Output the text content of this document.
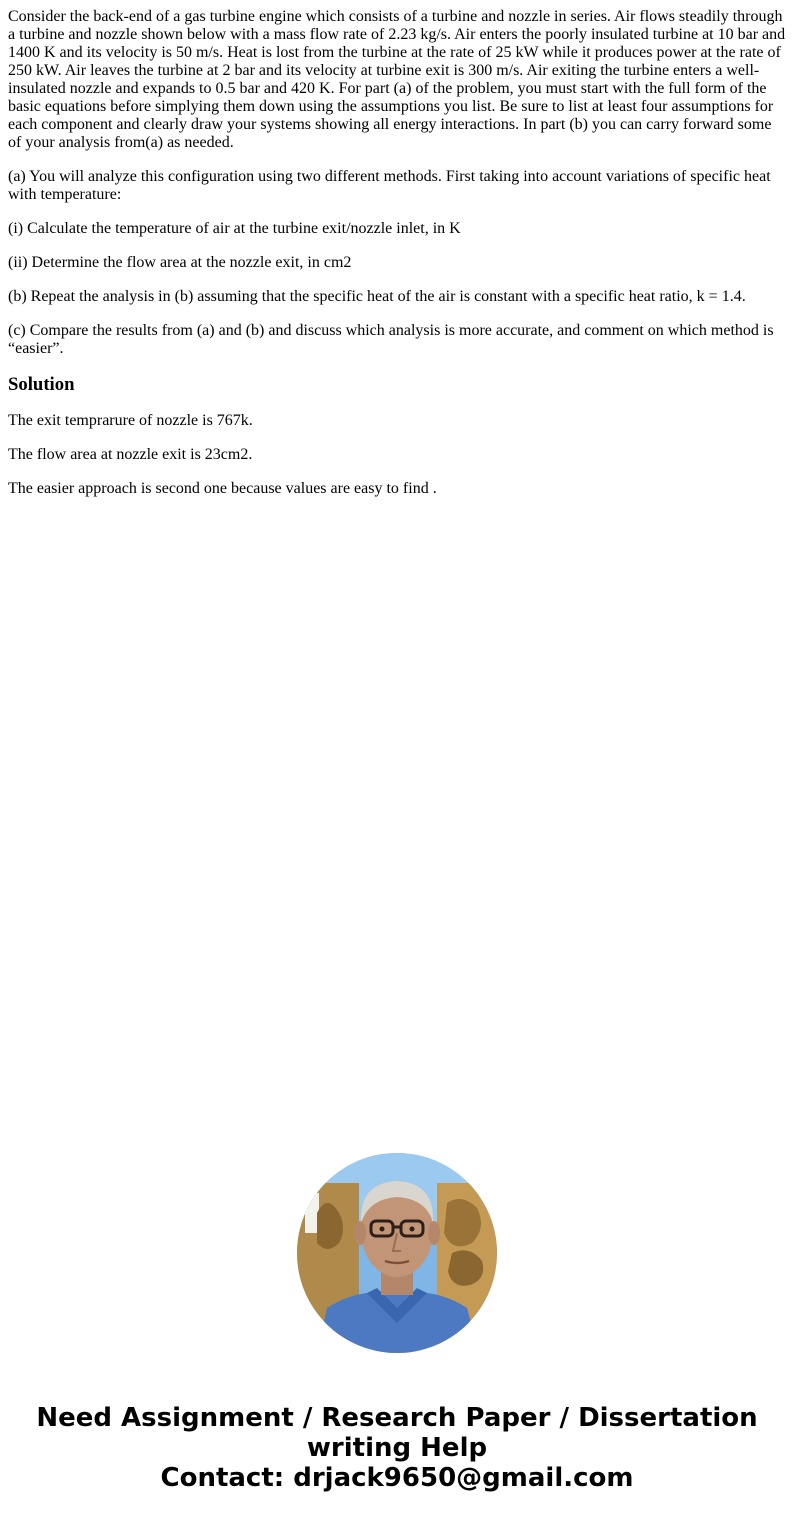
Consider the back-end of a gas turbine engine which consists of a turbine and nozzle in series. Air flows steadily through a turbine and nozzle shown below with a mass flow rate of 2.23 kg/s. Air enters the poorly insulated turbine at 10 bar and 1400 K and its velocity is 50 m/s. Heat is lost from the turbine at the rate of 25 kW while it produces power at the rate of 250 kW. Air leaves the turbine at 2 bar and its velocity at turbine exit is 300 m/s. Air exiting the turbine enters a well-insulated nozzle and expands to 0.5 bar and 420 K. For part (a) of the problem, you must start with the full form of the basic equations before simplying them down using the assumptions you list. Be sure to list at least four assumptions for each component and clearly draw your systems showing all energy interactions. In part (b) you can carry forward some of your analysis from(a) as needed.

(a) You will analyze this configuration using two different methods. First taking into account variations of specific heat with temperature:

(i) Calculate the temperature of air at the turbine exit/nozzle inlet, in K

(ii) Determine the flow area at the nozzle exit, in cm2

(b) Repeat the analysis in (b) assuming that the specific heat of the air is constant with a specific heat ratio, k = 1.4.

(c) Compare the results from (a) and (b) and discuss which analysis is more accurate, and comment on which method is “easier”.

Solution

The exit temprarure of nozzle is 767k.

The flow area at nozzle exit is 23cm2.

The easier approach is second one because values are easy to find .

Need Assignment / Research Paper / Dissertation
writing Help
Contact: drjack9650@gmail.com
